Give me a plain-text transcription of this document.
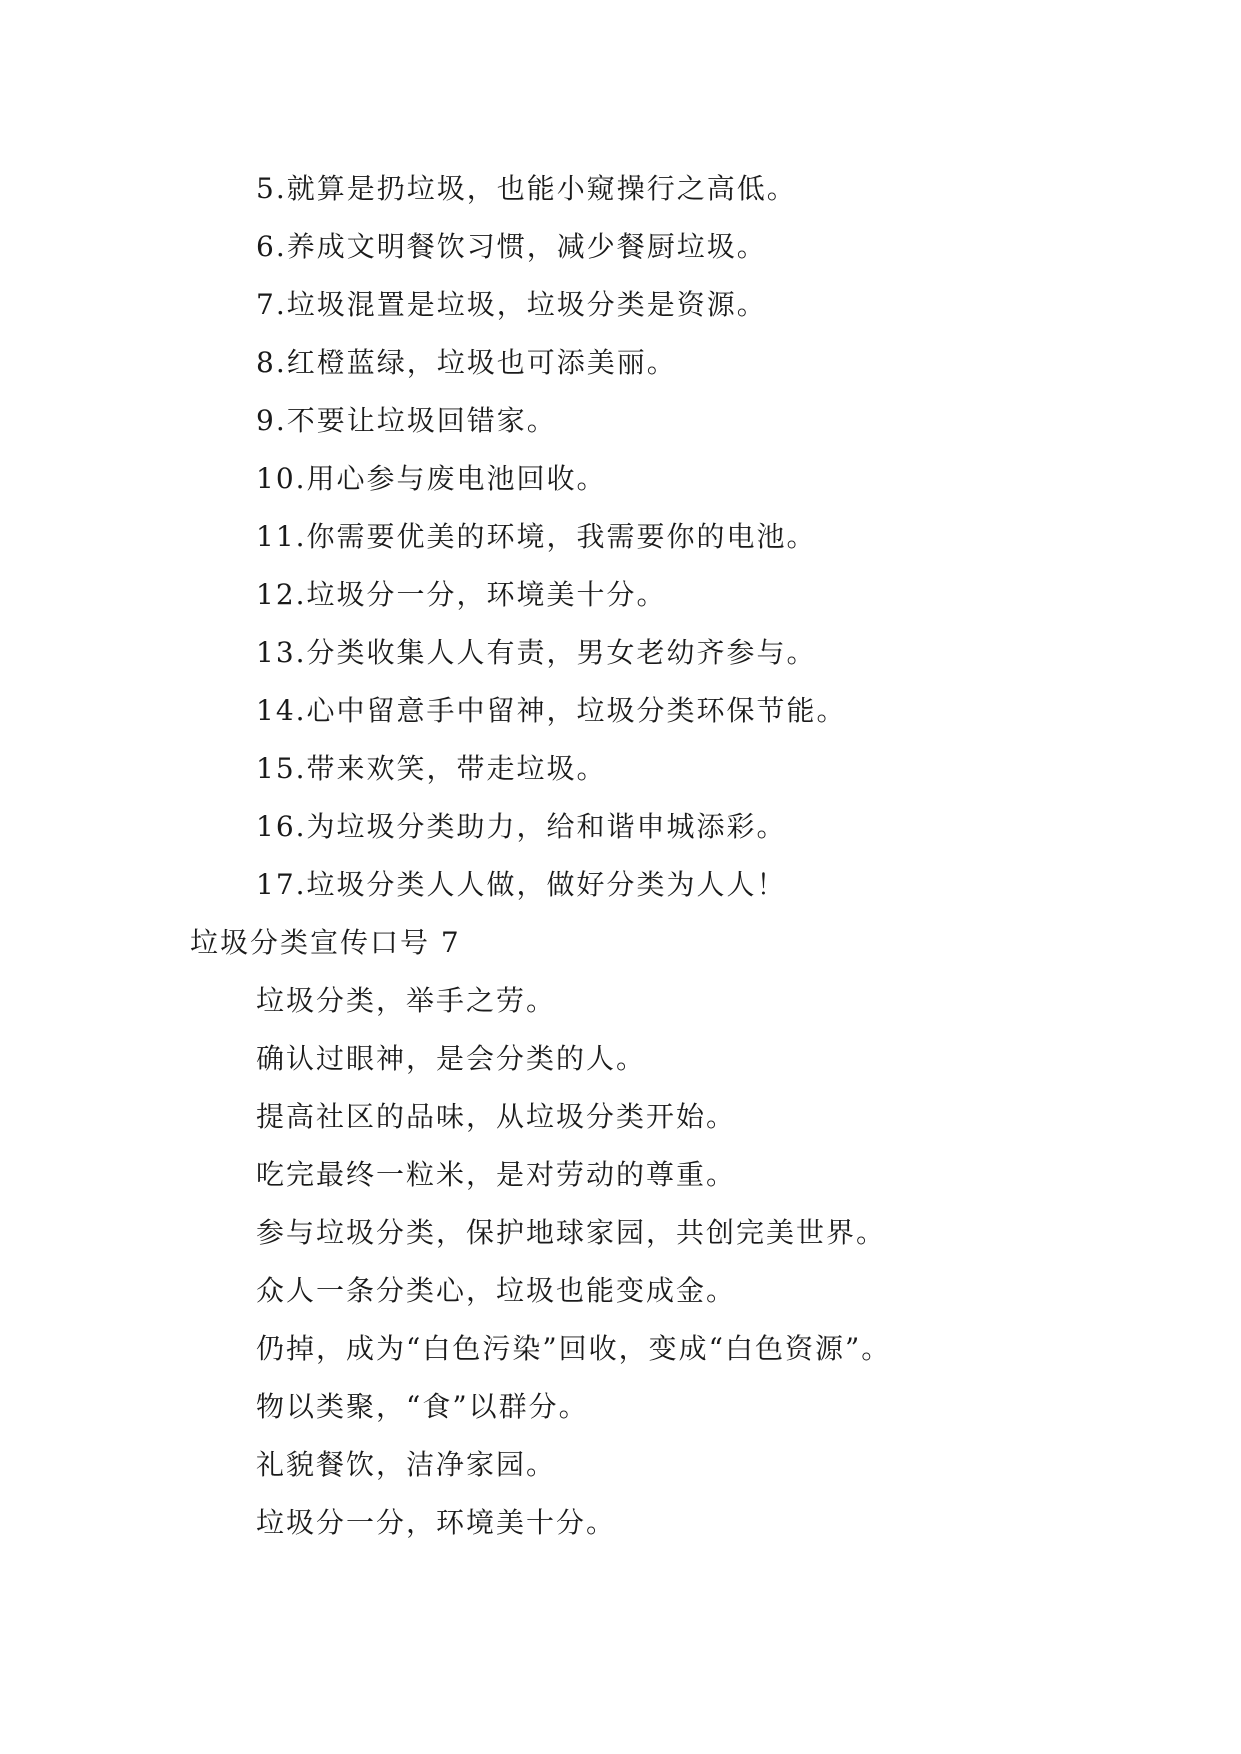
5.就算是扔垃圾，也能小窥操行之高低。
6.养成文明餐饮习惯，减少餐厨垃圾。
7.垃圾混置是垃圾，垃圾分类是资源。
8.红橙蓝绿，垃圾也可添美丽。
9.不要让垃圾回错家。
10.用心参与废电池回收。
11.你需要优美的环境，我需要你的电池。
12.垃圾分一分，环境美十分。
13.分类收集人人有责，男女老幼齐参与。
14.心中留意手中留神，垃圾分类环保节能。
15.带来欢笑，带走垃圾。
16.为垃圾分类助力，给和谐申城添彩。
17.垃圾分类人人做，做好分类为人人！
垃圾分类宣传口号 7
垃圾分类，举手之劳。
确认过眼神，是会分类的人。
提高社区的品味，从垃圾分类开始。
吃完最终一粒米，是对劳动的尊重。
参与垃圾分类，保护地球家园，共创完美世界。
众人一条分类心，垃圾也能变成金。
仍掉，成为“白色污染”回收，变成“白色资源”。
物以类聚，“食”以群分。
礼貌餐饮，洁净家园。
垃圾分一分，环境美十分。
